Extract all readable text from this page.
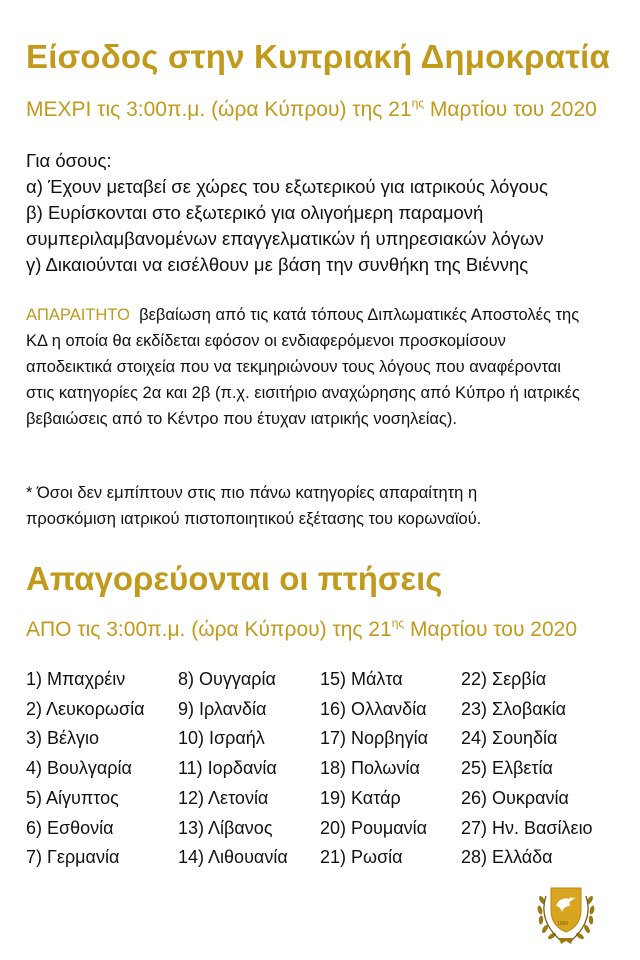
Είσοδος στην Κυπριακή Δημοκρατία
ΜΕΧΡΙ τις 3:00π.μ. (ώρα Κύπρου) της $21^{\eta\varsigma}$ Μαρτίου του 2020
Για όσους:
α) Έχουν μεταβεί σε χώρες του εξωτερικού για ιατρικούς λόγους
β) Ευρίσκονται στο εξωτερικό για ολιγοήμερη παραμονή
συμπεριλαμβανομένων επαγγελματικών ή υπηρεσιακών λόγων
γ) Δικαιούνται να εισέλθουν με βάση την συνθήκη της Βιέννης
ΑΠΑΡΑΙΤΗΤΟ  βεβαίωση από τις κατά τόπους Διπλωματικές Αποστολές της
ΚΔ η οποία θα εκδίδεται εφόσον οι ενδιαφερόμενοι προσκομίσουν
αποδεικτικά στοιχεία που να τεκμηριώνουν τους λόγους που αναφέρονται
στις κατηγορίες 2α και 2β (π.χ. εισιτήριο αναχώρησης από Κύπρο ή ιατρικές
βεβαιώσεις από το Κέντρο που έτυχαν ιατρικής νοσηλείας).
* Όσοι δεν εμπίπτουν στις πιο πάνω κατηγορίες απαραίτητη η
προσκόμιση ιατρικού πιστοποιητικού εξέτασης του κορωναϊού.
Απαγορεύονται οι πτήσεις
ΑΠΟ τις 3:00π.μ. (ώρα Κύπρου) της $21^{\eta\varsigma}$ Μαρτίου του 2020
1) Μπαχρέιν
2) Λευκορωσία
3) Βέλγιο
4) Βουλγαρία
5) Αίγυπτος
6) Εσθονία
7) Γερμανία
8) Ουγγαρία
9) Ιρλανδία
10) Ισραήλ
11) Ιορδανία
12) Λετονία
13) Λίβανος
14) Λιθουανία
15) Μάλτα
16) Ολλανδία
17) Νορβηγία
18) Πολωνία
19) Κατάρ
20) Ρουμανία
21) Ρωσία
22) Σερβία
23) Σλοβακία
24) Σουηδία
25) Ελβετία
26) Ουκρανία
27) Ην. Βασίλειο
28) Ελλάδα
1960
